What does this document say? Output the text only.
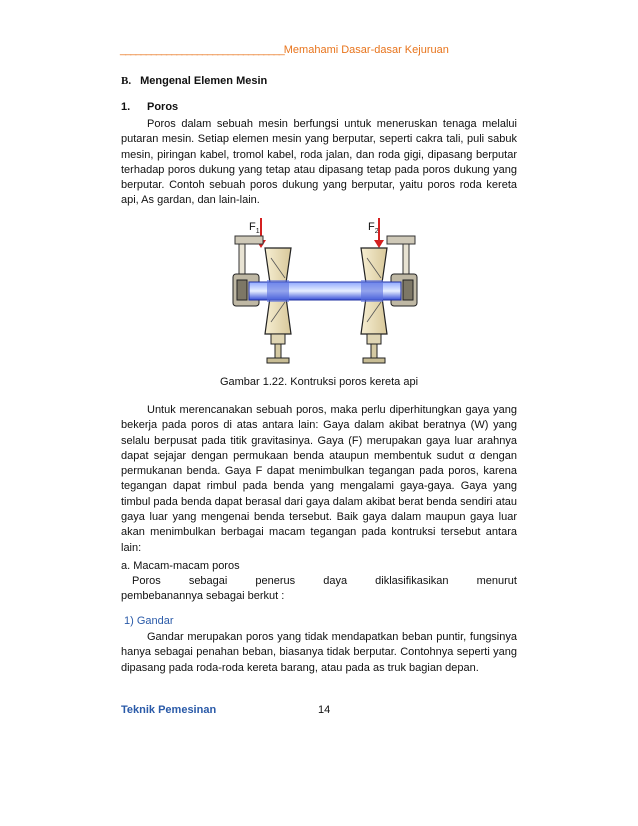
________________________________Memahami Dasar-dasar Kejuruan
B. Mengenal Elemen Mesin
1. Poros

Poros dalam sebuah mesin berfungsi untuk meneruskan tenaga melalui putaran mesin. Setiap elemen mesin yang berputar, seperti cakra tali, puli sabuk mesin, piringan kabel, tromol kabel, roda jalan, dan roda gigi, dipasang berputar terhadap poros dukung yang tetap atau dipasang tetap pada poros dukung yang berputar. Contoh sebuah poros dukung yang berputar, yaitu poros roda kereta api, As gardan, dan lain-lain.

$F_1$	$F_2$
Gambar 1.22. Kontruksi poros kereta api

Untuk merencanakan sebuah poros, maka perlu diperhitungkan gaya yang bekerja pada poros di atas antara lain: Gaya dalam akibat beratnya (W) yang selalu berpusat pada titik gravitasinya. Gaya (F) merupakan gaya luar arahnya dapat sejajar dengan permukaan benda ataupun membentuk sudut α dengan permukanan benda. Gaya F dapat menimbulkan tegangan pada poros, karena tegangan dapat rimbul pada benda yang mengalami gaya-gaya. Gaya yang timbul pada benda dapat berasal dari gaya dalam akibat berat benda sendiri atau gaya luar yang mengenai benda tersebut. Baik gaya dalam maupun gaya luar akan menimbulkan berbagai macam tegangan pada kontruksi tersebut antara lain:

a. Macam-macam poros
Poros	sebagai	penerus	daya	diklasifikasikan	menurut
pembebanannya sebagai berkut :
1) Gandar

Gandar merupakan poros yang tidak mendapatkan beban puntir, fungsinya hanya sebagai penahan beban, biasanya tidak berputar. Contohnya seperti yang dipasang pada roda-roda kereta barang, atau pada as truk bagian depan.

Teknik Pemesinan	14
